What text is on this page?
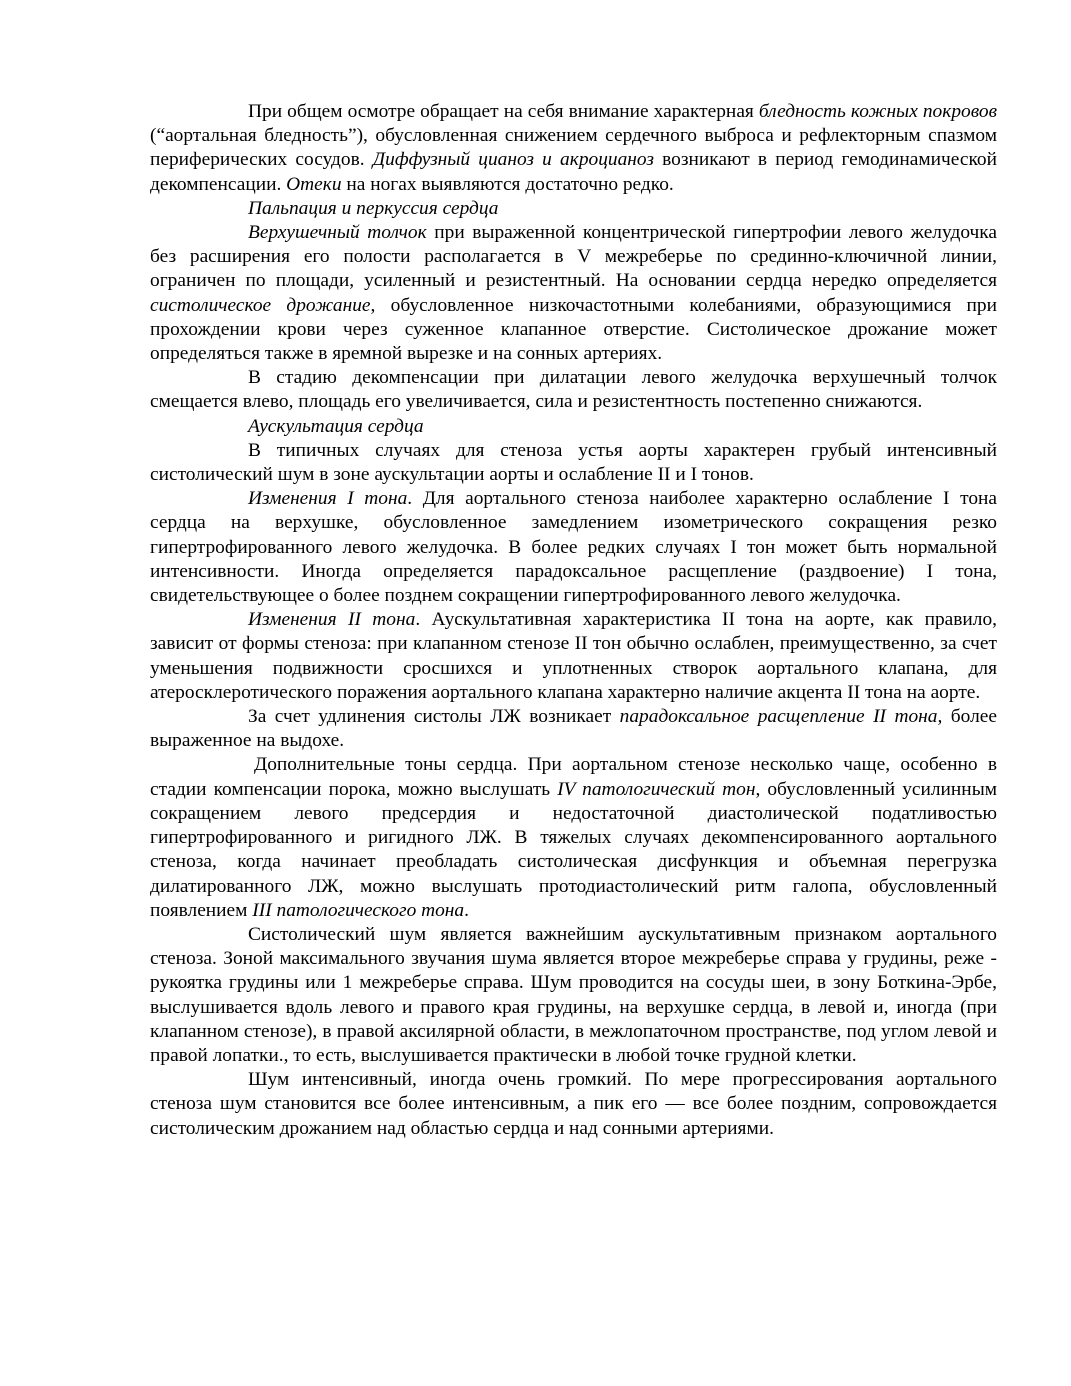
При общем осмотре обращает на себя внимание характерная бледность кожных покровов (“аортальная бледность”), обусловленная снижением сердечного выброса и рефлекторным спазмом периферических сосудов. Диффузный цианоз и акроцианоз возникают в период гемодинамической декомпенсации. Отеки на ногах выявляются достаточно редко.

Пальпация и перкуссия сердца

Верхушечный толчок при выраженной концентрической гипертрофии левого желудочка без расширения его полости располагается в V межреберье по срединно-ключичной линии, ограничен по площади, усиленный и резистентный. На основании сердца нередко определяется систолическое дрожание, обусловленное низкочастотными колебаниями, образующимися при прохождении крови через суженное клапанное отверстие. Систолическое дрожание может определяться также в яремной вырезке и на сонных артериях.

В стадию декомпенсации при дилатации левого желудочка верхушечный толчок смещается влево, площадь его увеличивается, сила и резистентность постепенно снижаются.

Аускультация сердца

В типичных случаях для стеноза устья аорты характерен грубый интенсивный систолический шум в зоне аускультации аорты и ослабление II и I тонов.

Изменения I тона. Для аортального стеноза наиболее характерно ослабление I тона сердца на верхушке, обусловленное замедлением изометрического сокращения резко гипертрофированного левого желудочка. В более редких случаях I тон может быть нормальной интенсивности. Иногда определяется парадоксальное расщепление (раздвоение) I тона, свидетельствующее о более позднем сокращении гипертрофированного левого желудочка.

Изменения II тона. Аускультативная характеристика II тона на аорте, как правило, зависит от формы стеноза: при клапанном стенозе II тон обычно ослаблен, преимущественно, за счет уменьшения подвижности сросшихся и уплотненных створок аортального клапана, для атеросклеротического поражения аортального клапана характерно наличие акцента II тона на аорте.

За счет удлинения систолы ЛЖ возникает парадоксальное расщепление II тона, более выраженное на выдохе.

Дополнительные тоны сердца. При аортальном стенозе несколько чаще, особенно в стадии компенсации порока, можно выслушать IV патологический тон, обусловленный усилинным сокращением левого предсердия и недостаточной диастолической податливостью гипертрофированного и ригидного ЛЖ. В тяжелых случаях декомпенсированного аортального стеноза, когда начинает преобладать систолическая дисфункция и объемная перегрузка дилатированного ЛЖ, можно выслушать протодиастолический ритм галопа, обусловленный появлением III патологического тона.

Систолический шум является важнейшим аускультативным признаком аортального стеноза. Зоной максимального звучания шума является второе межреберье справа у грудины, реже - рукоятка грудины или 1 межреберье справа. Шум проводится на сосуды шеи, в зону Боткина-Эрбе, выслушивается вдоль левого и правого края грудины, на верхушке сердца, в левой и, иногда (при клапанном стенозе), в правой аксилярной области, в межлопаточном пространстве, под углом левой и правой лопатки., то есть, выслушивается практически в любой точке грудной клетки.

Шум интенсивный, иногда очень громкий. По мере прогрессирования аортального стеноза шум становится все более интенсивным, а пик его — все более поздним, сопровождается систолическим дрожанием над областью сердца и над сонными артериями.
